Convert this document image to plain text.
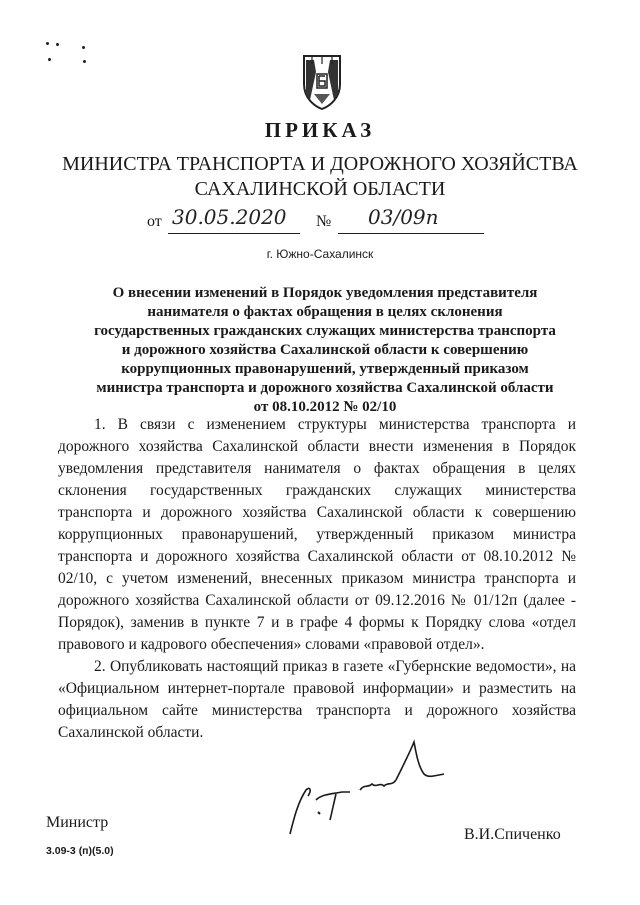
ПРИКАЗ
МИНИСТРА ТРАНСПОРТА И ДОРОЖНОГО ХОЗЯЙСТВА САХАЛИНСКОЙ ОБЛАСТИ
от 30.05.2020 № 03/09п
г. Южно-Сахалинск
О внесении изменений в Порядок уведомления представителя нанимателя о фактах обращения в целях склонения государственных гражданских служащих министерства транспорта и дорожного хозяйства Сахалинской области к совершению коррупционных правонарушений, утвержденный приказом министра транспорта и дорожного хозяйства Сахалинской области от 08.10.2012 № 02/10

1. В связи с изменением структуры министерства транспорта и дорожного хозяйства Сахалинской области внести изменения в Порядок уведомления представителя нанимателя о фактах обращения в целях склонения государственных гражданских служащих министерства транспорта и дорожного хозяйства Сахалинской области к совершению коррупционных правонарушений, утвержденный приказом министра транспорта и дорожного хозяйства Сахалинской области от 08.10.2012 № 02/10, с учетом изменений, внесенных приказом министра транспорта и дорожного хозяйства Сахалинской области от 09.12.2016 № 01/12п (далее - Порядок), заменив в пункте 7 и в графе 4 формы к Порядку слова «отдел правового и кадрового обеспечения» словами «правовой отдел».

2. Опубликовать настоящий приказ в газете «Губернские ведомости», на «Официальном интернет-портале правовой информации» и разместить на официальном сайте министерства транспорта и дорожного хозяйства Сахалинской области.

Министр
В.И.Спиченко
3.09-3 (п)(5.0)
